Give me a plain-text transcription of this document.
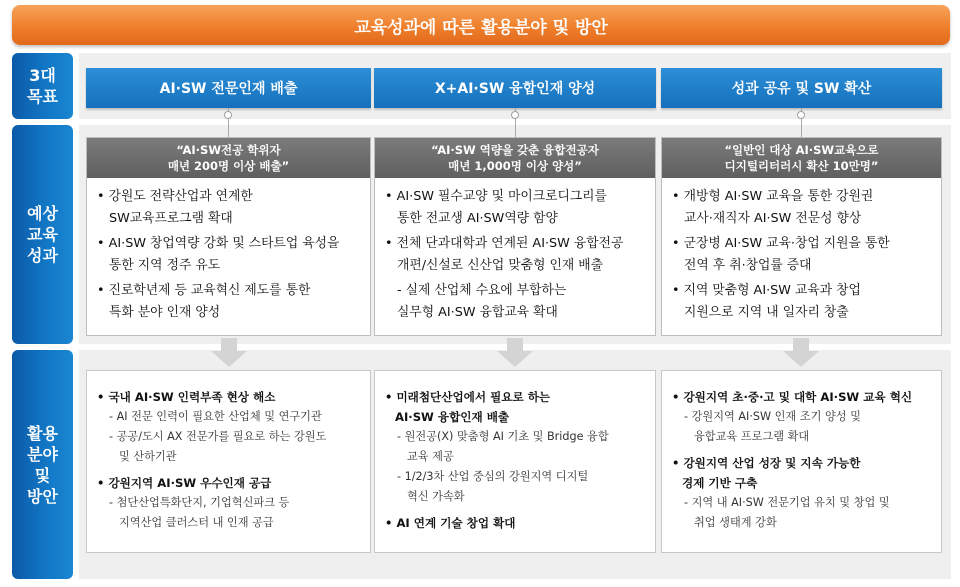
교육성과에 따른 활용분야 및 방안
3대
목표
예상
교육
성과
활용
분야
및
방안
AI·SW 전문인재 배출
“AI·SW전공 학위자
매년 200명 이상 배출”
• 강원도 전략산업과 연계한
SW교육프로그램 확대
• AI·SW 창업역량 강화 및 스타트업 육성을
통한 지역 정주 유도
• 진로학년제 등 교육혁신 제도를 통한
특화 분야 인재 양성
• 국내 AI·SW 인력부족 현상 해소
- AI 전문 인력이 필요한 산업체 및 연구기관
- 공공/도시 AX 전문가를 필요로 하는 강원도
및 산하기관
• 강원지역 AI·SW 우수인재 공급
- 첨단산업특화단지, 기업혁신파크 등
지역산업 클러스터 내 인재 공급
X+AI·SW 융합인재 양성
“AI·SW 역량을 갖춘 융합전공자
매년 1,000명 이상 양성”
• AI·SW 필수교양 및 마이크로디그리를
통한 전교생 AI·SW역량 함양
• 전체 단과대학과 연계된 AI·SW 융합전공
개편/신설로 신산업 맞춤형 인재 배출
- 실제 산업체 수요에 부합하는
실무형 AI·SW 융합교육 확대
• 미래첨단산업에서 필요로 하는
AI·SW 융합인재 배출
- 원전공(X) 맞춤형 AI 기초 및 Bridge 융합
교육 제공
- 1/2/3차 산업 중심의 강원지역 디지털
혁신 가속화
• AI 연계 기술 창업 확대
성과 공유 및 SW 확산
“일반인 대상 AI·SW교육으로
디지털리터러시 확산 10만명”
• 개방형 AI·SW 교육을 통한 강원권
교사·재직자 AI·SW 전문성 향상
• 군장병 AI·SW 교육·창업 지원을 통한
전역 후 취·창업률 증대
• 지역 맞춤형 AI·SW 교육과 창업
지원으로 지역 내 일자리 창출
• 강원지역 초·중·고 및 대학 AI·SW 교육 혁신
- 강원지역 AI·SW 인재 조기 양성 및
융합교육 프로그램 확대
• 강원지역 산업 성장 및 지속 가능한
경제 기반 구축
- 지역 내 AI·SW 전문기업 유치 및 창업 및
취업 생태계 강화
